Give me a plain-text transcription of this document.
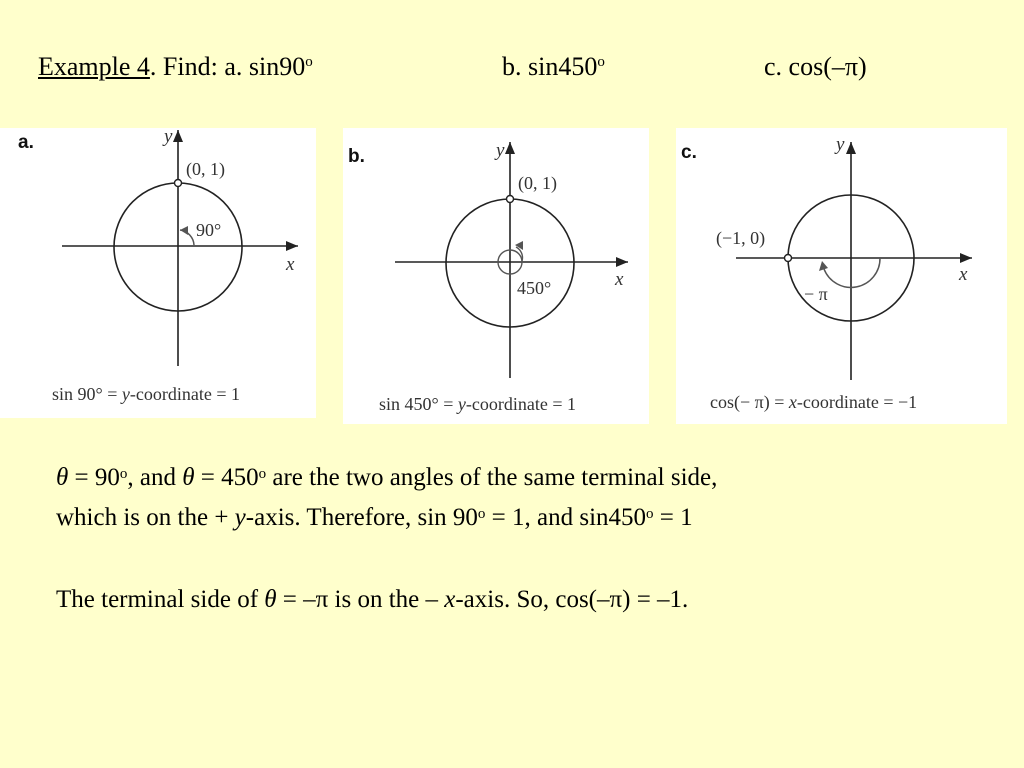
Example 4. Find: a. sin90$^o$	b. sin450$^o$	c. cos(–π)
a.	y
x
(0, 1)
90°
sin 90° = y-coordinate = 1
b.	y
x
(0, 1)
450°
sin 450° = y-coordinate = 1
c.	y
x
(−1, 0)
− π
cos(− π) = x-coordinate = −1
$\theta = 90^o$, and $\theta = 450^o$ are the two angles of the same terminal side,
which is on the + y-axis. Therefore, $\sin 90^o = 1$, and $\sin 450^o = 1$
The terminal side of θ = –π is on the – x-axis. So, cos(–π) = –1.
